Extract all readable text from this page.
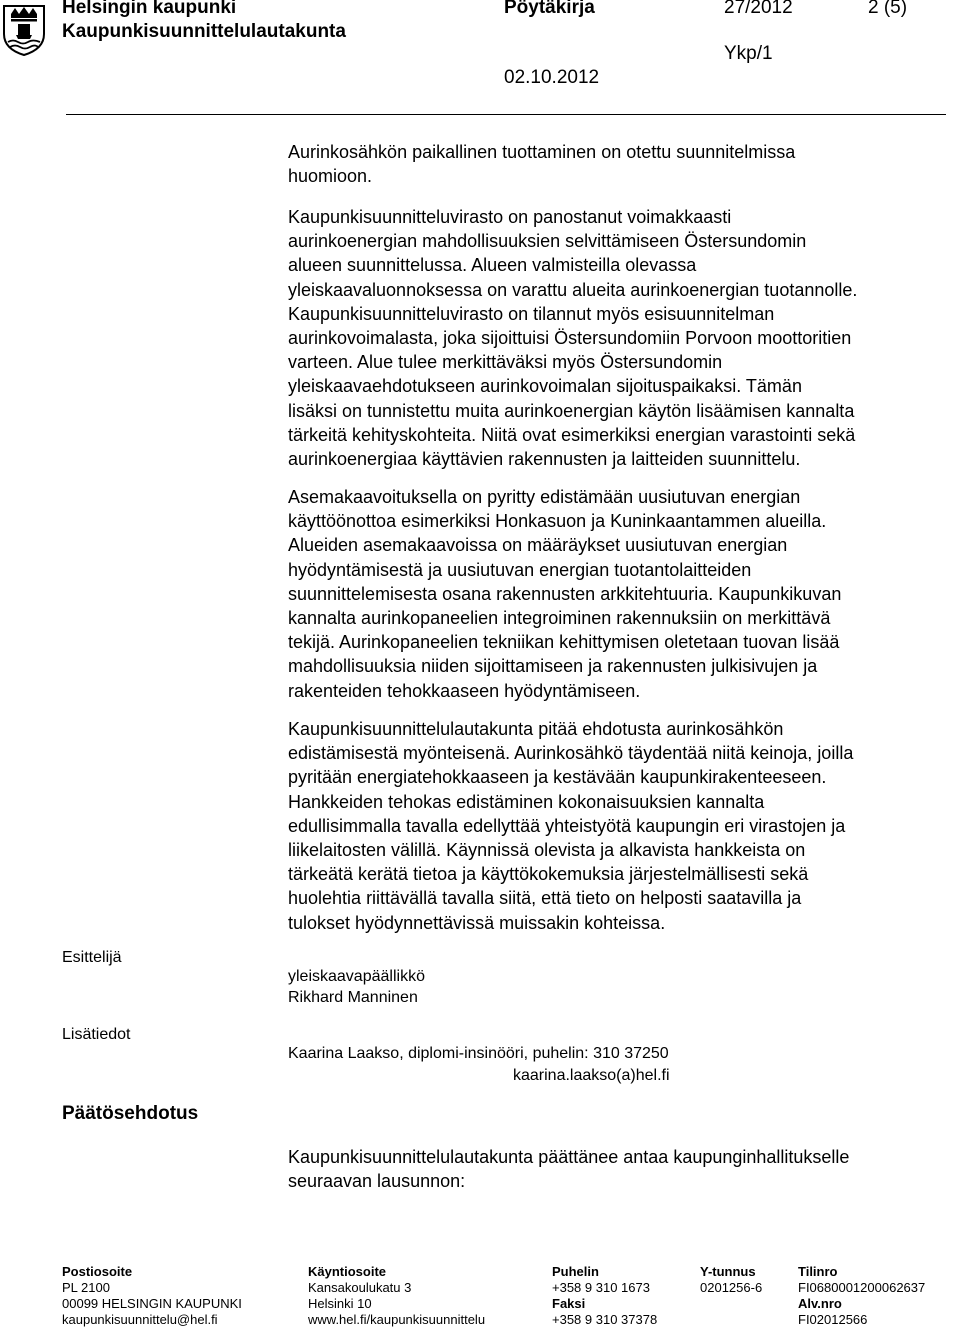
Helsingin kaupunki
Kaupunkisuunnittelulautakunta
Pöytäkirja	27/2012	2 (5)
Ykp/1
02.10.2012
Aurinkosähkön paikallinen tuottaminen on otettu suunnitelmissa
huomioon.
Kaupunkisuunnitteluvirasto on panostanut voimakkaasti
aurinkoenergian mahdollisuuksien selvittämiseen Östersundomin
alueen suunnittelussa. Alueen valmisteilla olevassa
yleiskaavaluonnoksessa on varattu alueita aurinkoenergian tuotannolle.
Kaupunkisuunnitteluvirasto on tilannut myös esisuunnitelman
aurinkovoimalasta, joka sijoittuisi Östersundomiin Porvoon moottoritien
varteen. Alue tulee merkittäväksi myös Östersundomin
yleiskaavaehdotukseen aurinkovoimalan sijoituspaikaksi. Tämän
lisäksi on tunnistettu muita aurinkoenergian käytön lisäämisen kannalta
tärkeitä kehityskohteita. Niitä ovat esimerkiksi energian varastointi sekä
aurinkoenergiaa käyttävien rakennusten ja laitteiden suunnittelu.
Asemakaavoituksella on pyritty edistämään uusiutuvan energian
käyttöönottoa esimerkiksi Honkasuon ja Kuninkaantammen alueilla.
Alueiden asemakaavoissa on määräykset uusiutuvan energian
hyödyntämisestä ja uusiutuvan energian tuotantolaitteiden
suunnittelemisesta osana rakennusten arkkitehtuuria. Kaupunkikuvan
kannalta aurinkopaneelien integroiminen rakennuksiin on merkittävä
tekijä. Aurinkopaneelien tekniikan kehittymisen oletetaan tuovan lisää
mahdollisuuksia niiden sijoittamiseen ja rakennusten julkisivujen ja
rakenteiden tehokkaaseen hyödyntämiseen.
Kaupunkisuunnittelulautakunta pitää ehdotusta aurinkosähkön
edistämisestä myönteisenä. Aurinkosähkö täydentää niitä keinoja, joilla
pyritään energiatehokkaaseen ja kestävään kaupunkirakenteeseen.
Hankkeiden tehokas edistäminen kokonaisuuksien kannalta
edullisimmalla tavalla edellyttää yhteistyötä kaupungin eri virastojen ja
liikelaitosten välillä. Käynnissä olevista ja alkavista hankkeista on
tärkeätä kerätä tietoa ja käyttökokemuksia järjestelmällisesti sekä
huolehtia riittävällä tavalla siitä, että tieto on helposti saatavilla ja
tulokset hyödynnettävissä muissakin kohteissa.
Esittelijä
yleiskaavapäällikkö
Rikhard Manninen
Lisätiedot
Kaarina Laakso, diplomi-insinööri, puhelin: 310 37250
kaarina.laakso(a)hel.fi
Päätösehdotus
Kaupunkisuunnittelulautakunta päättänee antaa kaupunginhallitukselle
seuraavan lausunnon:
Postiosoite
PL 2100
00099 HELSINGIN KAUPUNKI
kaupunkisuunnittelu@hel.fi
Käyntiosoite
Kansakoulukatu 3
Helsinki 10
www.hel.fi/kaupunkisuunnittelu
Puhelin
+358 9 310 1673
Faksi
+358 9 310 37378
Y-tunnus
0201256-6
Tilinro
FI0680001200062637
Alv.nro
FI02012566
